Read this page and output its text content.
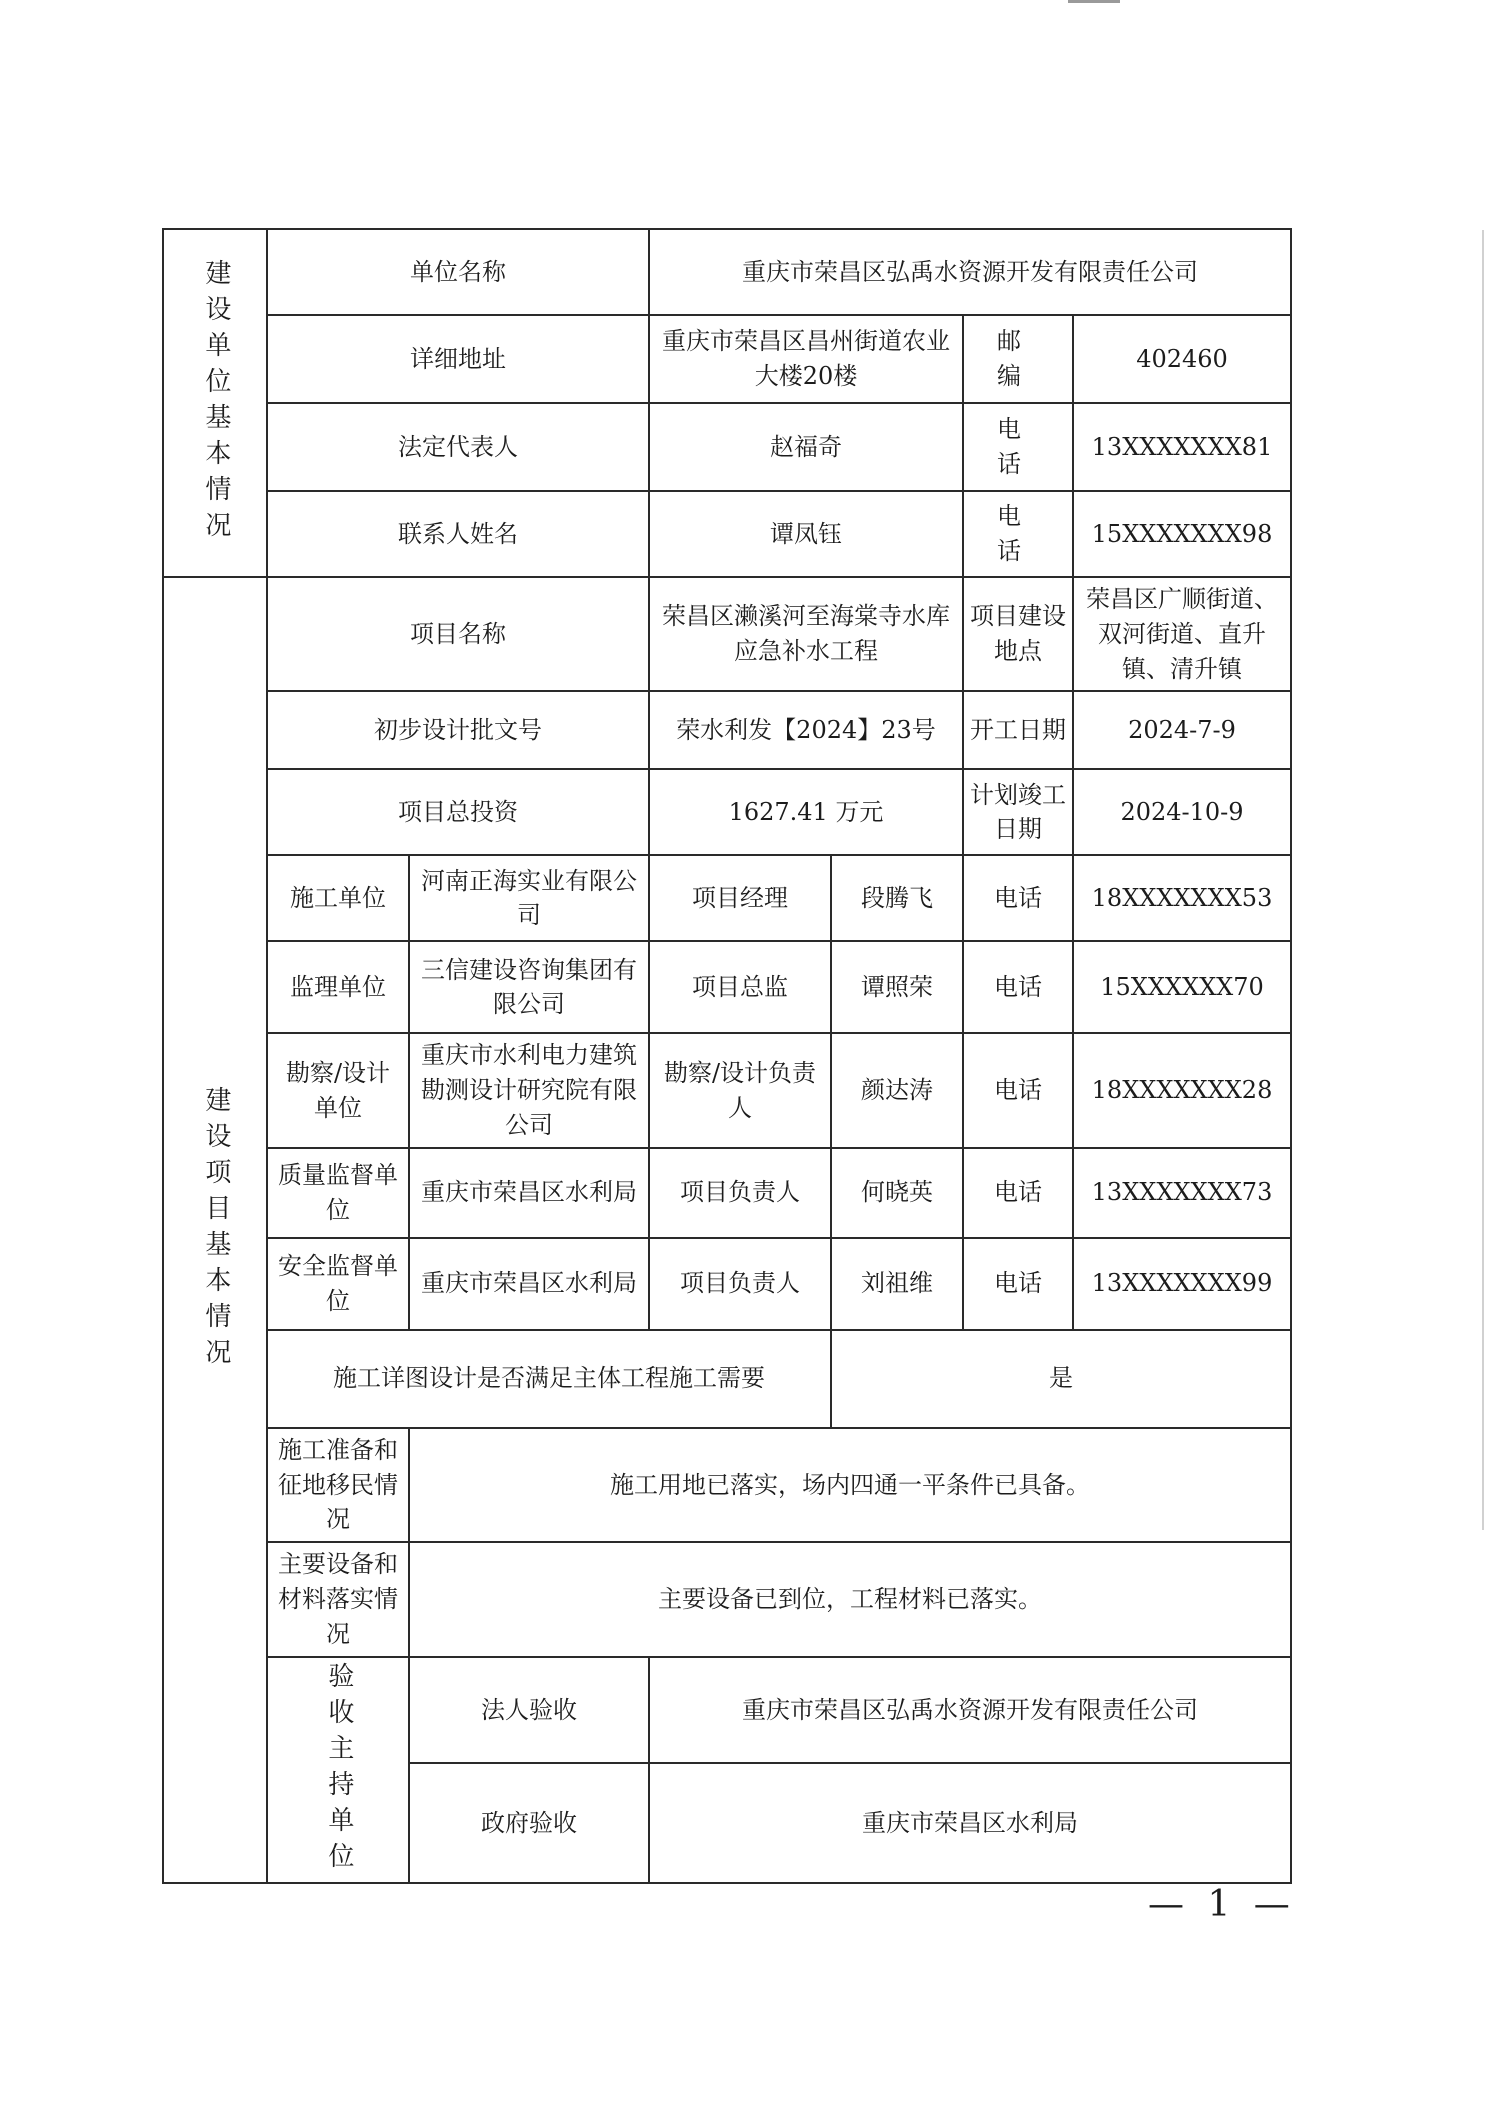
建设单位基本情况	单位名称		重庆市荣昌区弘禹水资源开发有限责任公司			
	详细地址		重庆市荣昌区昌州街道农业大楼20楼		邮 编	402460
	法定代表人		赵福奇		电 话	13XXXXXXX81
	联系人姓名		谭凤钰		电 话	15XXXXXXX98

建设项目基本情况	项目名称		荣昌区濑溪河至海棠寺水库应急补水工程		项目建设地点	荣昌区广顺街道、双河街道、直升镇、清升镇
	初步设计批文号		荣水利发【2024】23号		开工日期	2024-7-9
	项目总投资		1627.41 万元		计划竣工日期	2024-10-9
	施工单位	河南正海实业有限公司	项目经理	段腾飞	电话	18XXXXXXX53
	监理单位	三信建设咨询集团有限公司	项目总监	谭照荣	电话	15XXXXXX70
	勘察/设计单位	重庆市水利电力建筑勘测设计研究院有限公司	勘察/设计负责人	颜达涛	电话	18XXXXXXX28
	质量监督单位	重庆市荣昌区水利局	项目负责人	何晓英	电话	13XXXXXXX73
	安全监督单位	重庆市荣昌区水利局	项目负责人	刘祖维	电话	13XXXXXXX99
	施工详图设计是否满足主体工程施工需要			是		
	施工准备和征地移民情况	施工用地已落实，场内四通一平条件已具备。				
	主要设备和材料落实情况	主要设备已到位，工程材料已落实。				

	验收主持单位	法人验收	重庆市荣昌区弘禹水资源开发有限责任公司			
		政府验收	重庆市荣昌区水利局			
— 1 —
